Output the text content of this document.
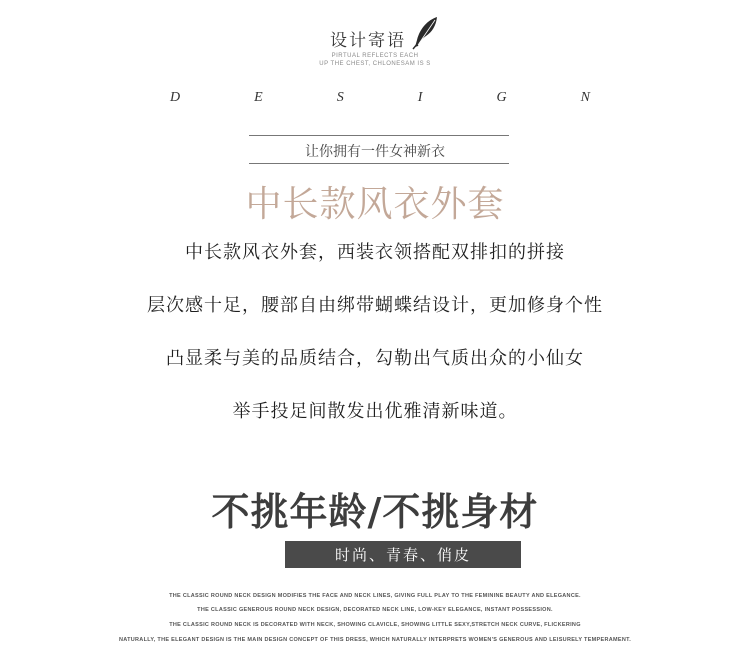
设计寄语
PIRTUAL REFLECTS EACH
UP THE CHEST, CHLONESAM IS S
D	E	S	I	G	N
让你拥有一件女神新衣
中长款风衣外套
中长款风衣外套，西装衣领搭配双排扣的拼接
层次感十足，腰部自由绑带蝴蝶结设计，更加修身个性
凸显柔与美的品质结合，勾勒出气质出众的小仙女
举手投足间散发出优雅清新味道。
不挑年龄/不挑身材
时尚、青春、俏皮
THE CLASSIC ROUND NECK DESIGN MODIFIES THE FACE AND NECK LINES, GIVING FULL PLAY TO THE FEMININE BEAUTY AND ELEGANCE.
THE CLASSIC GENEROUS ROUND NECK DESIGN, DECORATED NECK LINE, LOW-KEY ELEGANCE, INSTANT POSSESSION.
THE CLASSIC ROUND NECK IS DECORATED WITH NECK, SHOWING CLAVICLE, SHOWING LITTLE SEXY,STRETCH NECK CURVE, FLICKERING
NATURALLY, THE ELEGANT DESIGN IS THE MAIN DESIGN CONCEPT OF THIS DRESS, WHICH NATURALLY INTERPRETS WOMEN'S GENEROUS AND LEISURELY TEMPERAMENT.
